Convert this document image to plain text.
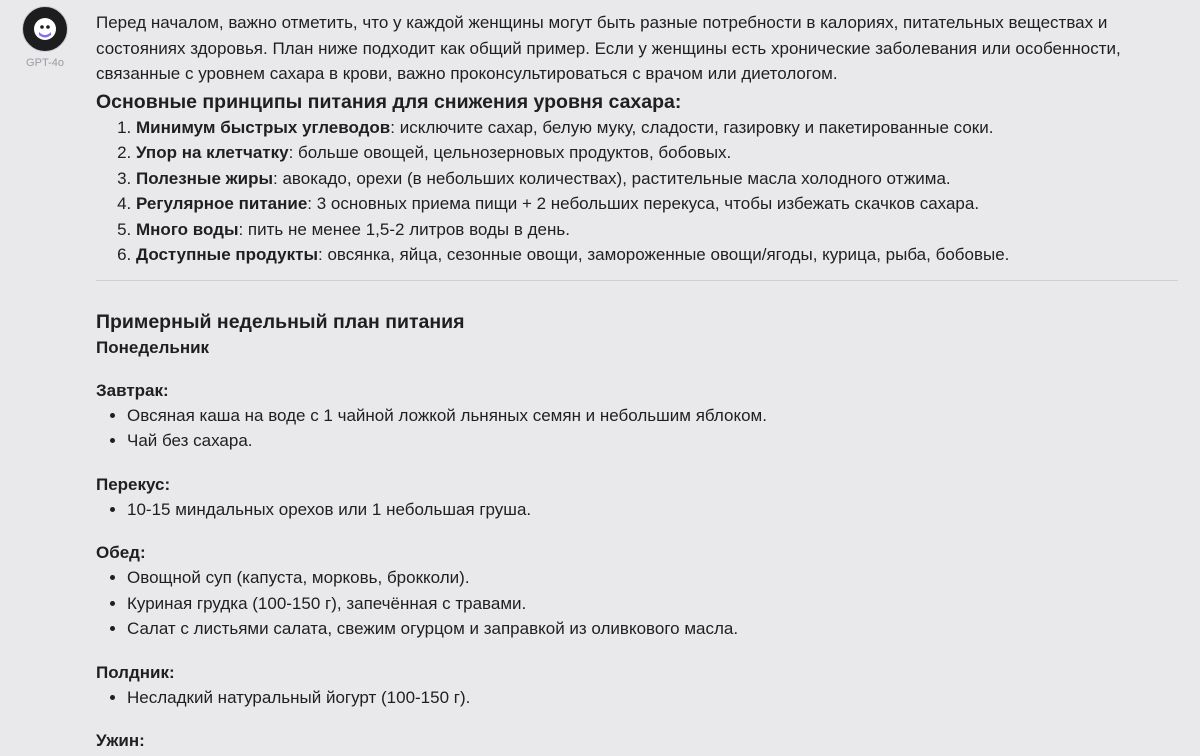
GPT-4o

Перед началом, важно отметить, что у каждой женщины могут быть разные потребности в калориях, питательных веществах и состояниях здоровья. План ниже подходит как общий пример. Если у женщины есть хронические заболевания или особенности, связанные с уровнем сахара в крови, важно проконсультироваться с врачом или диетологом.

Основные принципы питания для снижения уровня сахара:
1. Минимум быстрых углеводов: исключите сахар, белую муку, сладости, газировку и пакетированные соки.
2. Упор на клетчатку: больше овощей, цельнозерновых продуктов, бобовых.
3. Полезные жиры: авокадо, орехи (в небольших количествах), растительные масла холодного отжима.
4. Регулярное питание: 3 основных приема пищи + 2 небольших перекуса, чтобы избежать скачков сахара.
5. Много воды: пить не менее 1,5-2 литров воды в день.
6. Доступные продукты: овсянка, яйца, сезонные овощи, замороженные овощи/ягоды, курица, рыба, бобовые.
Примерный недельный план питания
Понедельник
Завтрак:
• Овсяная каша на воде с 1 чайной ложкой льняных семян и небольшим яблоком.
• Чай без сахара.
Перекус:
• 10-15 миндальных орехов или 1 небольшая груша.
Обед:
• Овощной суп (капуста, морковь, брокколи).
• Куриная грудка (100-150 г), запечённая с травами.
• Салат с листьями салата, свежим огурцом и заправкой из оливкового масла.
Полдник:
• Несладкий натуральный йогурт (100-150 г).
Ужин:
